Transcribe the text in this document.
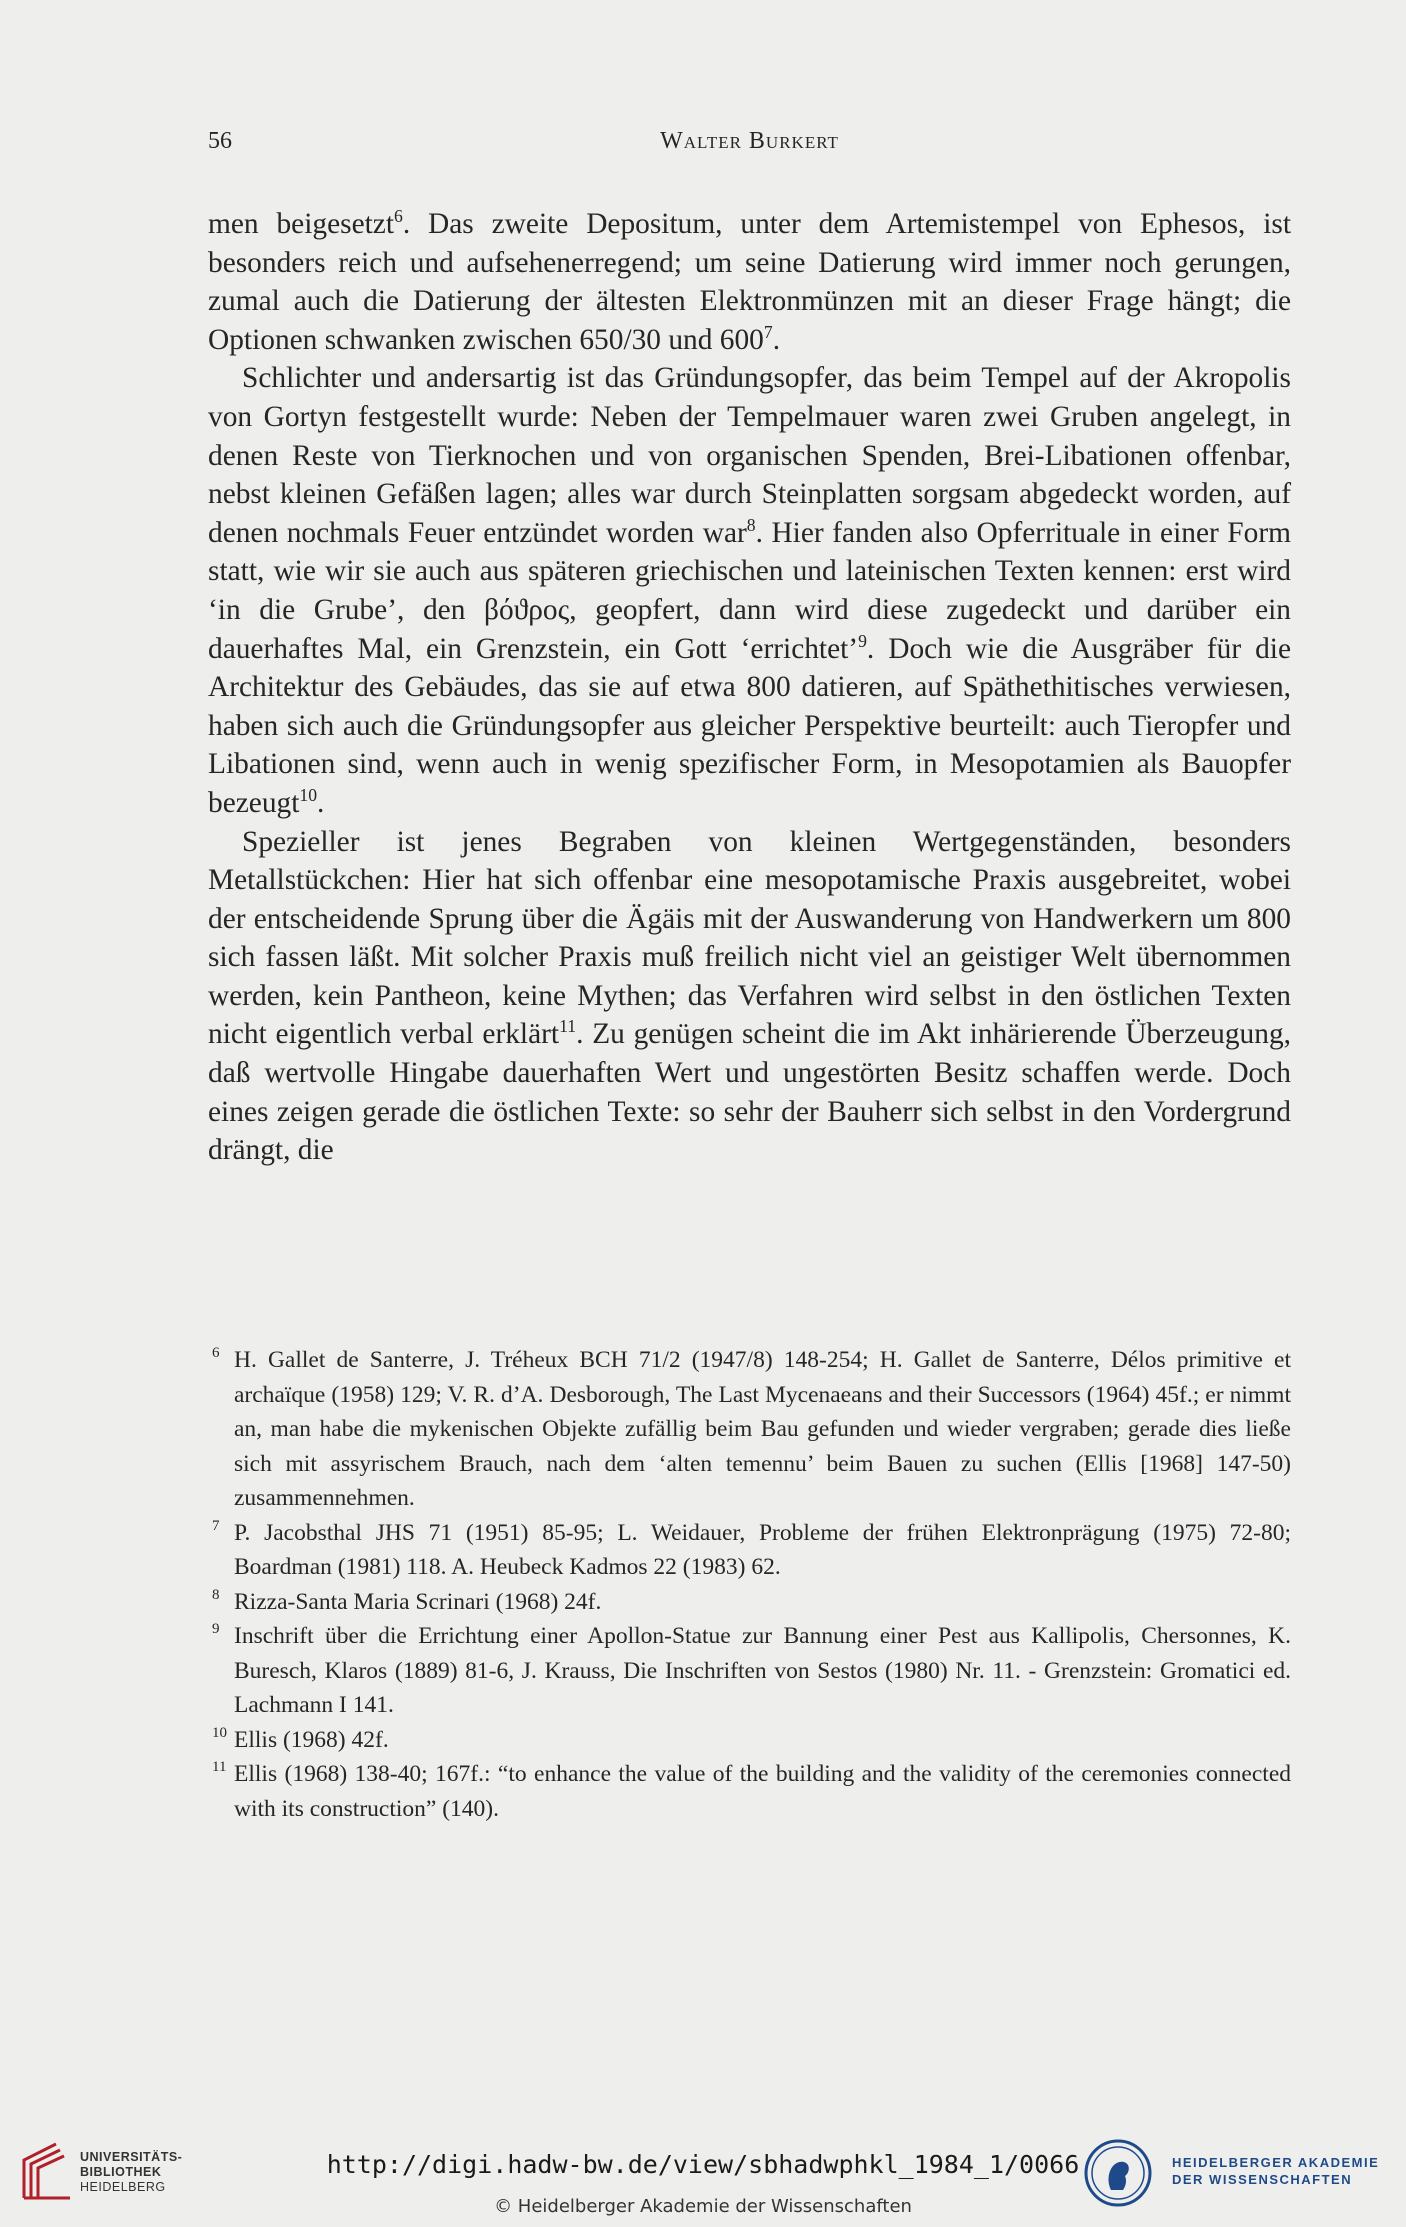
56	Walter Burkert

men beigesetzt$^6$. Das zweite Depositum, unter dem Artemistempel von Ephesos, ist besonders reich und aufsehenerregend; um seine Datierung wird immer noch gerungen, zumal auch die Datierung der ältesten Elektronmünzen mit an dieser Frage hängt; die Optionen schwanken zwischen 650/30 und $600^7$.

Schlichter und andersartig ist das Gründungsopfer, das beim Tempel auf der Akropolis von Gortyn festgestellt wurde: Neben der Tempelmauer waren zwei Gruben angelegt, in denen Reste von Tierknochen und von organischen Spenden, Brei-Libationen offenbar, nebst kleinen Gefäßen lagen; alles war durch Steinplatten sorgsam abgedeckt worden, auf denen nochmals Feuer entzündet worden war$^8$. Hier fanden also Opferrituale in einer Form statt, wie wir sie auch aus späteren griechischen und lateinischen Texten kennen: erst wird ‘in die Grube’, den βόϑρος, geopfert, dann wird diese zugedeckt und darüber ein dauerhaftes Mal, ein Grenzstein, ein Gott ‘errichtet’$^9$. Doch wie die Ausgräber für die Architektur des Gebäudes, das sie auf etwa 800 datieren, auf Späthethitisches verwiesen, haben sich auch die Gründungsopfer aus gleicher Perspektive beurteilt: auch Tieropfer und Libationen sind, wenn auch in wenig spezifischer Form, in Mesopotamien als Bauopfer bezeugt$^{10}$.

Spezieller ist jenes Begraben von kleinen Wertgegenständen, besonders Metallstückchen: Hier hat sich offenbar eine mesopotamische Praxis ausgebreitet, wobei der entscheidende Sprung über die Ägäis mit der Auswanderung von Handwerkern um 800 sich fassen läßt. Mit solcher Praxis muß freilich nicht viel an geistiger Welt übernommen werden, kein Pantheon, keine Mythen; das Verfahren wird selbst in den östlichen Texten nicht eigentlich verbal erklärt$^{11}$. Zu genügen scheint die im Akt inhärierende Überzeugung, daß wertvolle Hingabe dauerhaften Wert und ungestörten Besitz schaffen werde. Doch eines zeigen gerade die östlichen Texte: so sehr der Bauherr sich selbst in den Vordergrund drängt, die

6 H. Gallet de Santerre, J. Tréheux BCH 71/2 (1947/8) 148-254; H. Gallet de Santerre, Délos primitive et archaïque (1958) 129; V. R. d’A. Desborough, The Last Mycenaeans and their Successors (1964) 45f.; er nimmt an, man habe die mykenischen Objekte zufällig beim Bau gefunden und wieder vergraben; gerade dies ließe sich mit assyrischem Brauch, nach dem ‘alten temennu’ beim Bauen zu suchen (Ellis [1968] 147-50) zusammennehmen.
7 P. Jacobsthal JHS 71 (1951) 85-95; L. Weidauer, Probleme der frühen Elektronprägung (1975) 72-80; Boardman (1981) 118. A. Heubeck Kadmos 22 (1983) 62.
8 Rizza-Santa Maria Scrinari (1968) 24f.
9 Inschrift über die Errichtung einer Apollon-Statue zur Bannung einer Pest aus Kallipolis, Chersonnes, K. Buresch, Klaros (1889) 81-6, J. Krauss, Die Inschriften von Sestos (1980) Nr. 11. - Grenzstein: Gromatici ed. Lachmann I 141.
10 Ellis (1968) 42f.
11 Ellis (1968) 138-40; 167f.: “to enhance the value of the building and the validity of the ceremonies connected with its construction” (140).
UNIVERSITÄTS-
BIBLIOTHEK
HEIDELBERG
http://digi.hadw-bw.de/view/sbhadwphkl_1984_1/0066
© Heidelberger Akademie der Wissenschaften
HEIDELBERGER AKADEMIE
DER WISSENSCHAFTEN
